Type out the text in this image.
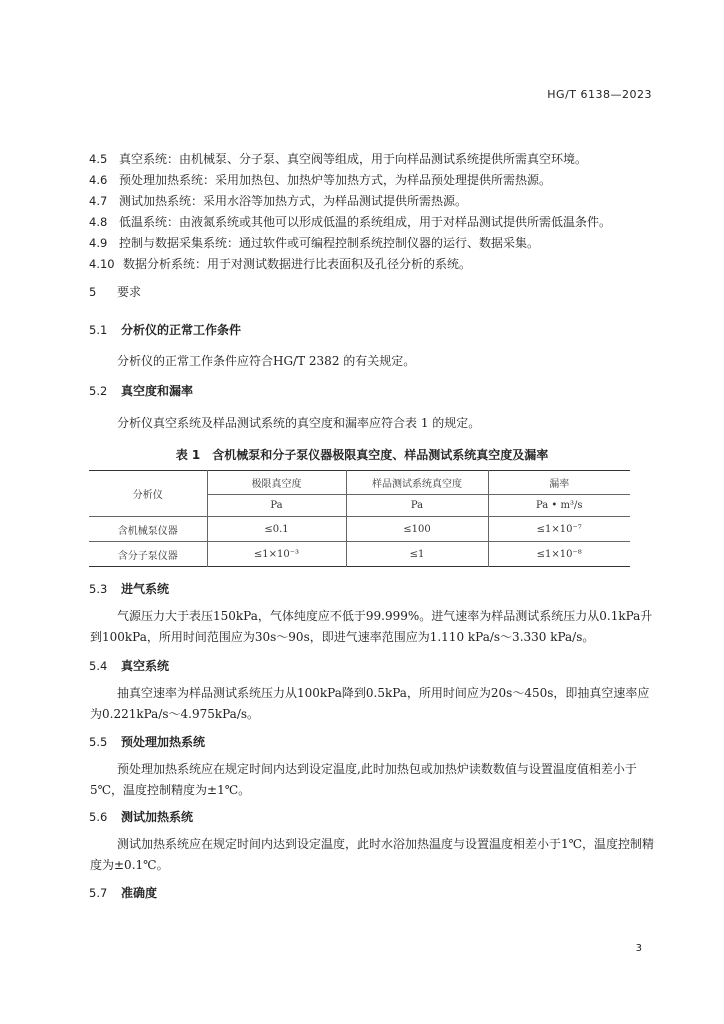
HG/T 6138—2023
4.5 真空系统：由机械泵、分子泵、真空阀等组成，用于向样品测试系统提供所需真空环境。
4.6 预处理加热系统：采用加热包、加热炉等加热方式，为样品预处理提供所需热源。
4.7 测试加热系统：采用水浴等加热方式，为样品测试提供所需热源。
4.8 低温系统：由液氮系统或其他可以形成低温的系统组成，用于对样品测试提供所需低温条件。
4.9 控制与数据采集系统：通过软件或可编程控制系统控制仪器的运行、数据采集。
4.10 数据分析系统：用于对测试数据进行比表面积及孔径分析的系统。
5 要求
5.1 分析仪的正常工作条件
分析仪的正常工作条件应符合HG/T 2382 的有关规定。
5.2 真空度和漏率
分析仪真空系统及样品测试系统的真空度和漏率应符合表 1 的规定。
表 1　含机械泵和分子泵仪器极限真空度、样品测试系统真空度及漏率
分析仪	极限真空度	样品测试系统真空度	漏率
	Pa	Pa	Pa • m³/s
含机械泵仪器	≤0.1	≤100	≤1×10⁻⁷
含分子泵仪器	≤1×10⁻³	≤1	≤1×10⁻⁸
5.3 进气系统
气源压力大于表压150kPa，气体纯度应不低于99.999%。进气速率为样品测试系统压力从0.1kPa升到100kPa，所用时间范围应为30s～90s，即进气速率范围应为1.110 kPa/s～3.330 kPa/s。
5.4 真空系统
抽真空速率为样品测试系统压力从100kPa降到0.5kPa，所用时间应为20s～450s，即抽真空速率应为0.221kPa/s～4.975kPa/s。
5.5 预处理加热系统
预处理加热系统应在规定时间内达到设定温度,此时加热包或加热炉读数数值与设置温度值相差小于5℃，温度控制精度为±1℃。
5.6 测试加热系统
测试加热系统应在规定时间内达到设定温度，此时水浴加热温度与设置温度相差小于1℃，温度控制精度为±0.1℃。
5.7 准确度
3
